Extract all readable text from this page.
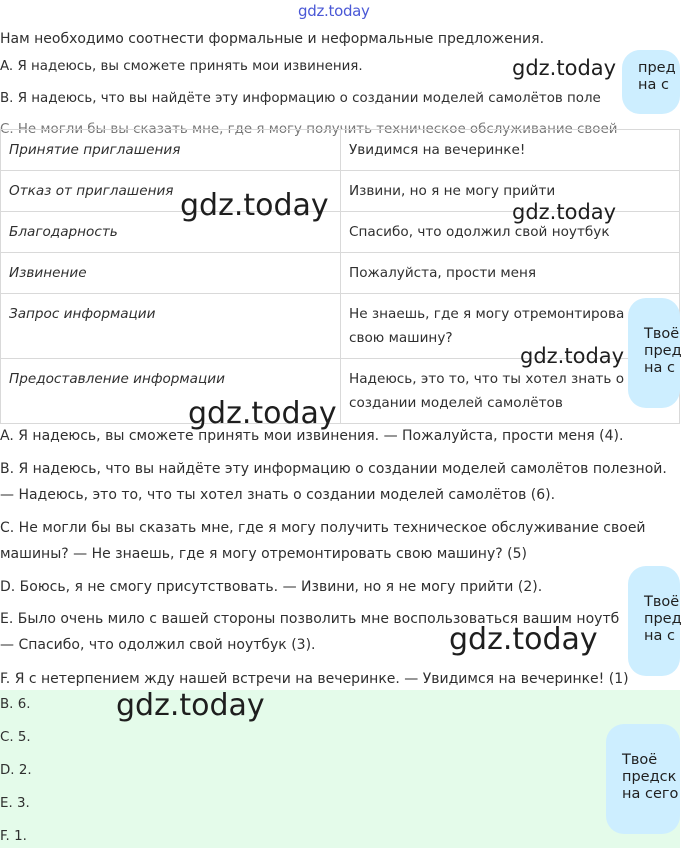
gdz.today
Нам необходимо соотнести формальные и неформальные предложения.
A. Я надеюсь, вы сможете принять мои извинения.
B. Я надеюсь, что вы найдёте эту информацию о создании моделей самолётов поле
C. Не могли бы вы сказать мне, где я могу получить техническое обслуживание своей
Принятие приглашения	Увидимся на вечеринке!
Отказ от приглашения	Извини, но я не могу прийти
Благодарность	Спасибо, что одолжил свой ноутбук
Извинение	Пожалуйста, прости меня
Запрос информации	Не знаешь, где я могу отремонтирова
свою машину?

Предоставление информации	Надеюсь, это то, что ты хотел знать о
создании моделей самолётов
A. Я надеюсь, вы сможете принять мои извинения. — Пожалуйста, прости меня (4).
B. Я надеюсь, что вы найдёте эту информацию о создании моделей самолётов полезной.
— Надеюсь, это то, что ты хотел знать о создании моделей самолётов (6).
C. Не могли бы вы сказать мне, где я могу получить техническое обслуживание своей
машины? — Не знаешь, где я могу отремонтировать свою машину? (5)
D. Боюсь, я не смогу присутствовать. — Извини, но я не могу прийти (2).
E. Было очень мило с вашей стороны позволить мне воспользоваться вашим ноутб
— Спасибо, что одолжил свой ноутбук (3).
F. Я с нетерпением жду нашей встречи на вечеринке. — Увидимся на вечеринке! (1)
B. 6.
C. 5.
D. 2.
E. 3.
F. 1.
gdz.today
gdz.today	gdz.today
gdz.today
gdz.today
gdz.today
gdz.today
пред
на с
Твоё
пред
на с
Твоё
пред
на с
Твоё
предск
на сего
